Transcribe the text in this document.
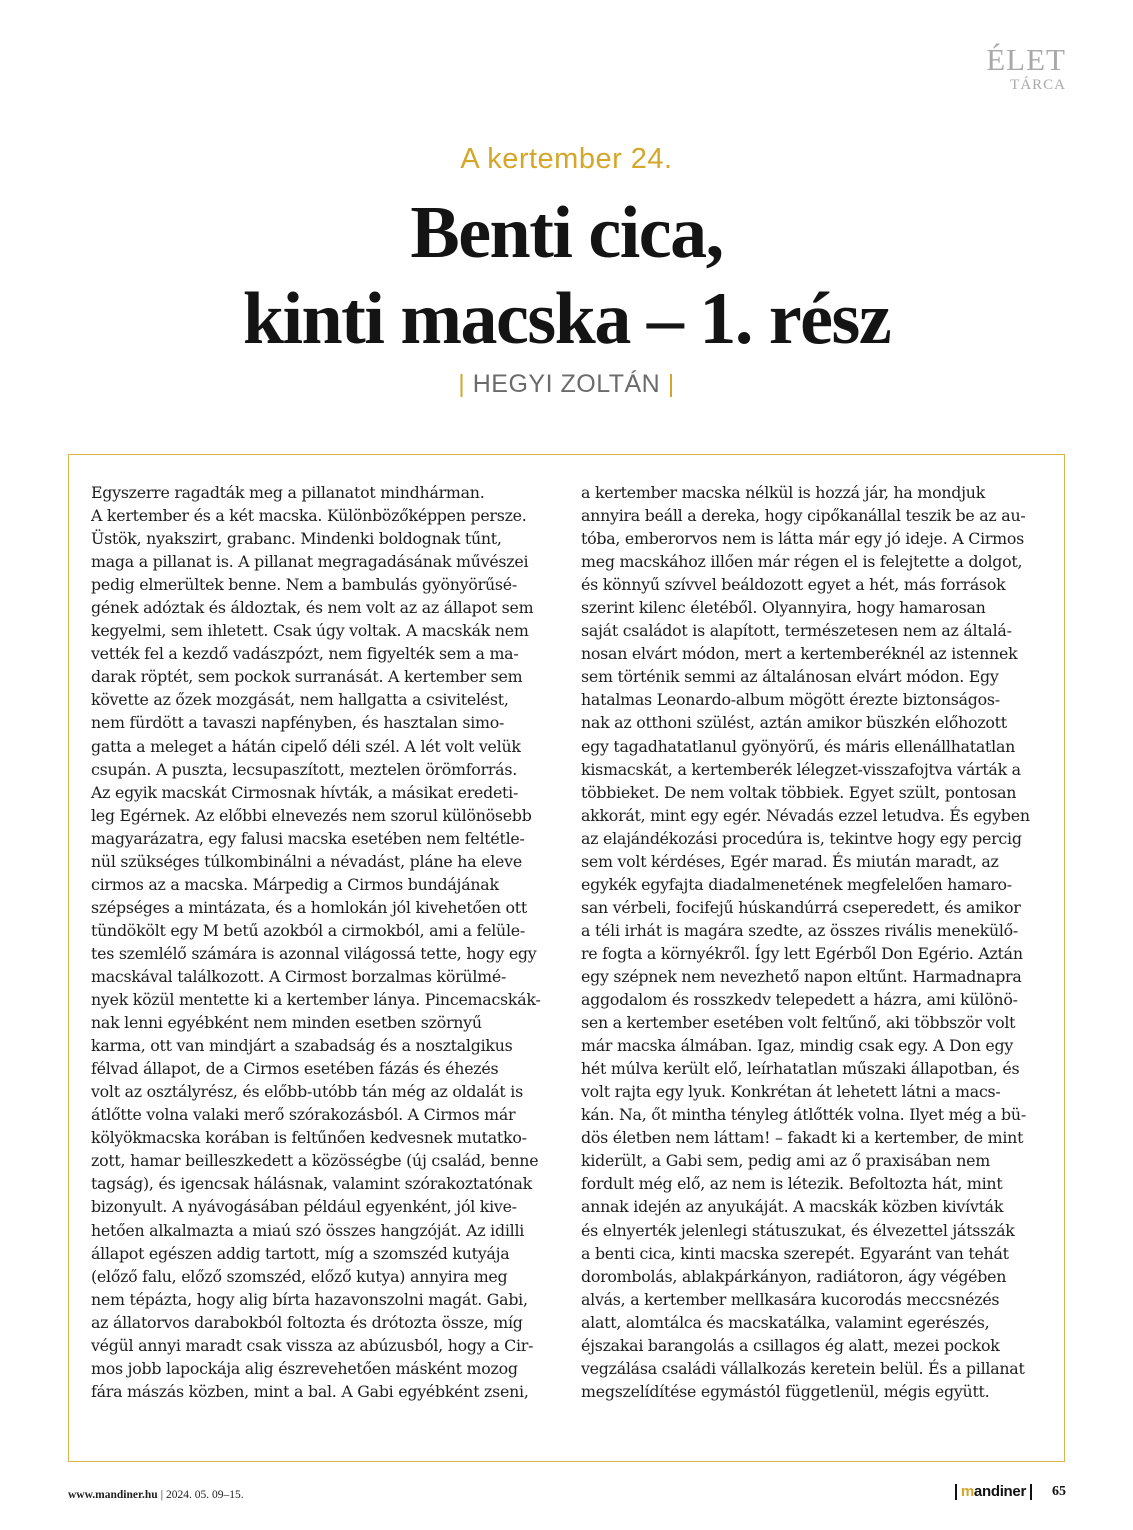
ÉLET
TÁRCA
A kertember 24.
Benti cica,
kinti macska – 1. rész
| HEGYI ZOLTÁN |
Egyszerre ragadták meg a pillanatot mindhárman.
A kertember és a két macska. Különbözőképpen persze.
Üstök, nyakszirt, grabanc. Mindenki boldognak tűnt,
maga a pillanat is. A pillanat megragadásának művészei
pedig elmerültek benne. Nem a bambulás gyönyörűsé-
gének adóztak és áldoztak, és nem volt az az állapot sem
kegyelmi, sem ihletett. Csak úgy voltak. A macskák nem
vették fel a kezdő vadászpózt, nem figyelték sem a ma-
darak röptét, sem pockok surranását. A kertember sem
követte az őzek mozgását, nem hallgatta a csivitelést,
nem fürdött a tavaszi napfényben, és hasztalan simo-
gatta a meleget a hátán cipelő déli szél. A lét volt velük
csupán. A puszta, lecsupaszított, meztelen örömforrás.
Az egyik macskát Cirmosnak hívták, a másikat eredeti-
leg Egérnek. Az előbbi elnevezés nem szorul különösebb
magyarázatra, egy falusi macska esetében nem feltétle-
nül szükséges túlkombinálni a névadást, pláne ha eleve
cirmos az a macska. Márpedig a Cirmos bundájának
szépséges a mintázata, és a homlokán jól kivehetően ott
tündökölt egy M betű azokból a cirmokból, ami a felüle-
tes szemlélő számára is azonnal világossá tette, hogy egy
macskával találkozott. A Cirmost borzalmas körülmé-
nyek közül mentette ki a kertember lánya. Pincemacskák-
nak lenni egyébként nem minden esetben szörnyű
karma, ott van mindjárt a szabadság és a nosztalgikus
félvad állapot, de a Cirmos esetében fázás és éhezés
volt az osztályrész, és előbb-utóbb tán még az oldalát is
átlőtte volna valaki merő szórakozásból. A Cirmos már
kölyökmacska korában is feltűnően kedvesnek mutatko-
zott, hamar beilleszkedett a közösségbe (új család, benne
tagság), és igencsak hálásnak, valamint szórakoztatónak
bizonyult. A nyávogásában például egyenként, jól kive-
hetően alkalmazta a miaú szó összes hangzóját. Az idilli
állapot egészen addig tartott, míg a szomszéd kutyája
(előző falu, előző szomszéd, előző kutya) annyira meg
nem tépázta, hogy alig bírta hazavonszolni magát. Gabi,
az állatorvos darabokból foltozta és drótozta össze, míg
végül annyi maradt csak vissza az abúzusból, hogy a Cir-
mos jobb lapockája alig észrevehetően másként mozog
fára mászás közben, mint a bal. A Gabi egyébként zseni,
a kertember macska nélkül is hozzá jár, ha mondjuk
annyira beáll a dereka, hogy cipőkanállal teszik be az au-
tóba, emberorvos nem is látta már egy jó ideje. A Cirmos
meg macskához illően már régen el is felejtette a dolgot,
és könnyű szívvel beáldozott egyet a hét, más források
szerint kilenc életéből. Olyannyira, hogy hamarosan
saját családot is alapított, természetesen nem az általá-
nosan elvárt módon, mert a kertemberéknél az istennek
sem történik semmi az általánosan elvárt módon. Egy
hatalmas Leonardo-album mögött érezte biztonságos-
nak az otthoni szülést, aztán amikor büszkén előhozott
egy tagadhatatlanul gyönyörű, és máris ellenállhatatlan
kismacskát, a kertemberék lélegzet-visszafojtva várták a
többieket. De nem voltak többiek. Egyet szült, pontosan
akkorát, mint egy egér. Névadás ezzel letudva. És egyben
az elajándékozási procedúra is, tekintve hogy egy percig
sem volt kérdéses, Egér marad. És miután maradt, az
egykék egyfajta diadalmenetének megfelelően hamaro-
san vérbeli, focifejű húskandúrrá cseperedett, és amikor
a téli irhát is magára szedte, az összes rivális menekülő-
re fogta a környékről. Így lett Egérből Don Egério. Aztán
egy szépnek nem nevezhető napon eltűnt. Harmadnapra
aggodalom és rosszkedv telepedett a házra, ami különö-
sen a kertember esetében volt feltűnő, aki többször volt
már macska álmában. Igaz, mindig csak egy. A Don egy
hét múlva került elő, leírhatatlan műszaki állapotban, és
volt rajta egy lyuk. Konkrétan át lehetett látni a macs-
kán. Na, őt mintha tényleg átlőtték volna. Ilyet még a bü-
dös életben nem láttam! – fakadt ki a kertember, de mint
kiderült, a Gabi sem, pedig ami az ő praxisában nem
fordult még elő, az nem is létezik. Befoltozta hát, mint
annak idején az anyukáját. A macskák közben kivívták
és elnyerték jelenlegi státuszukat, és élvezettel játsszák
a benti cica, kinti macska szerepét. Egyaránt van tehát
dorombolás, ablakpárkányon, radiátoron, ágy végében
alvás, a kertember mellkasára kucorodás meccsnézés
alatt, alomtálca és macskatálka, valamint egerészés,
éjszakai barangolás a csillagos ég alatt, mezei pockok
vegzálása családi vállalkozás keretein belül. És a pillanat
megszelídítése egymástól függetlenül, mégis együtt.
www.mandiner.hu | 2024. 05. 09–15.	mandiner	65
